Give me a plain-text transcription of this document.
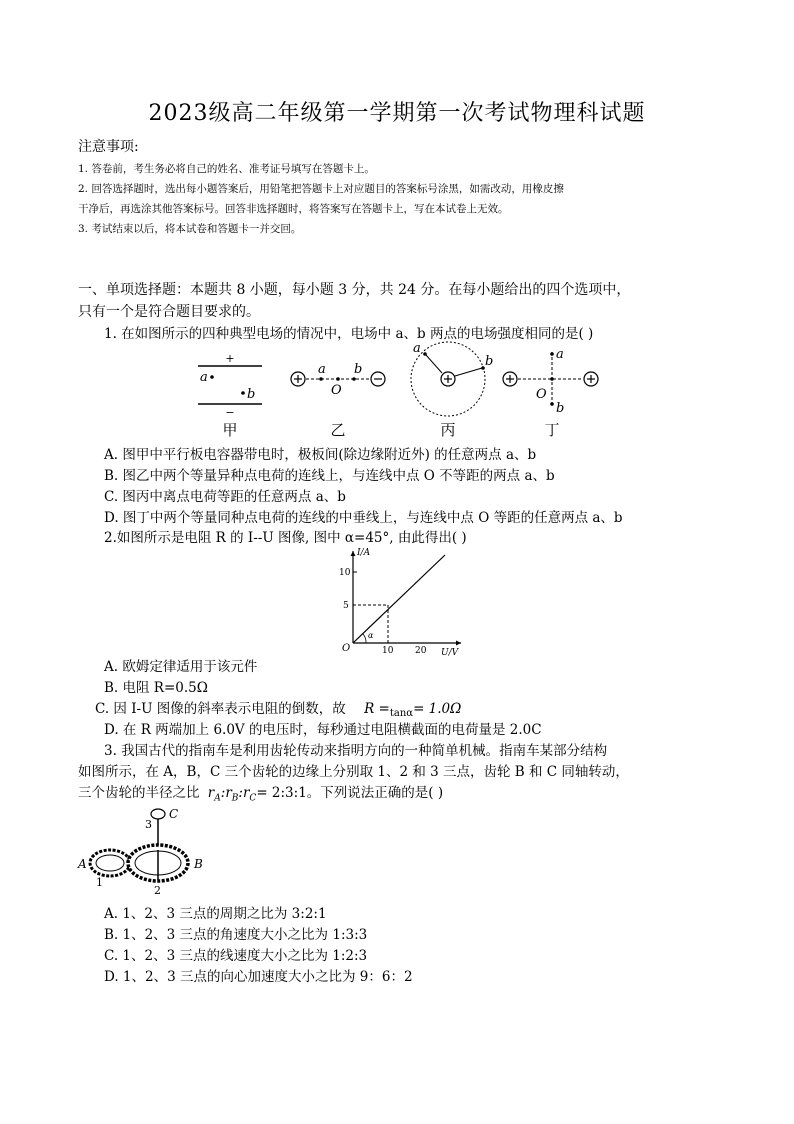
2023级高二年级第一学期第一次考试物理科试题
注意事项:
1. 答卷前，考生务必将自己的姓名、准考证号填写在答题卡上。
2. 回答选择题时，选出每小题答案后，用铅笔把答题卡上对应题目的答案标号涂黑，如需改动，用橡皮擦
干净后，再选涂其他答案标号。回答非选择题时，将答案写在答题卡上，写在本试卷上无效。
3. 考试结束以后，将本试卷和答题卡一并交回。
一、单项选择题：本题共 8 小题，每小题 3 分，共 24 分。在每小题给出的四个选项中，
只有一个是符合题目要求的。
1. 在如图所示的四种典型电场的情况中，电场中 a、b 两点的电场强度相同的是( )
+
−
a
b
甲
a
O
b
乙
a
b
丙
a
O
b
丁
A. 图甲中平行板电容器带电时，极板间(除边缘附近外) 的任意两点 a、b
B. 图乙中两个等量异种点电荷的连线上，与连线中点 O 不等距的两点 a、b
C. 图丙中离点电荷等距的任意两点 a、b
D. 图丁中两个等量同种点电荷的连线的中垂线上，与连线中点 O 等距的任意两点 a、b
2.如图所示是电阻 R 的 I--U 图像, 图中 α=45°, 由此得出( )
I/A
U/V
O
α
10
5
10 20
A. 欧姆定律适用于该元件
B. 电阻 R=0.5Ω
C. 因 I-U 图像的斜率表示电阻的倒数，故 $R =_{tan\alpha}= 1.0\Omega$
D. 在 R 两端加上 6.0V 的电压时，每秒通过电阻横截面的电荷量是 2.0C
3. 我国古代的指南车是利用齿轮传动来指明方向的一种简单机械。指南车某部分结构
如图所示，在 A，B，C 三个齿轮的边缘上分别取 1、2 和 3 三点，齿轮 B 和 C 同轴转动，
三个齿轮的半径之比 $r_A:r_B:r_C=$ 2:3:1。下列说法正确的是( )
C
3
A
1
B
2
A. 1、2、3 三点的周期之比为 3:2:1
B. 1、2、3 三点的角速度大小之比为 1:3:3
C. 1、2、3 三点的线速度大小之比为 1:2:3
D. 1、2、3 三点的向心加速度大小之比为 9：6：2
